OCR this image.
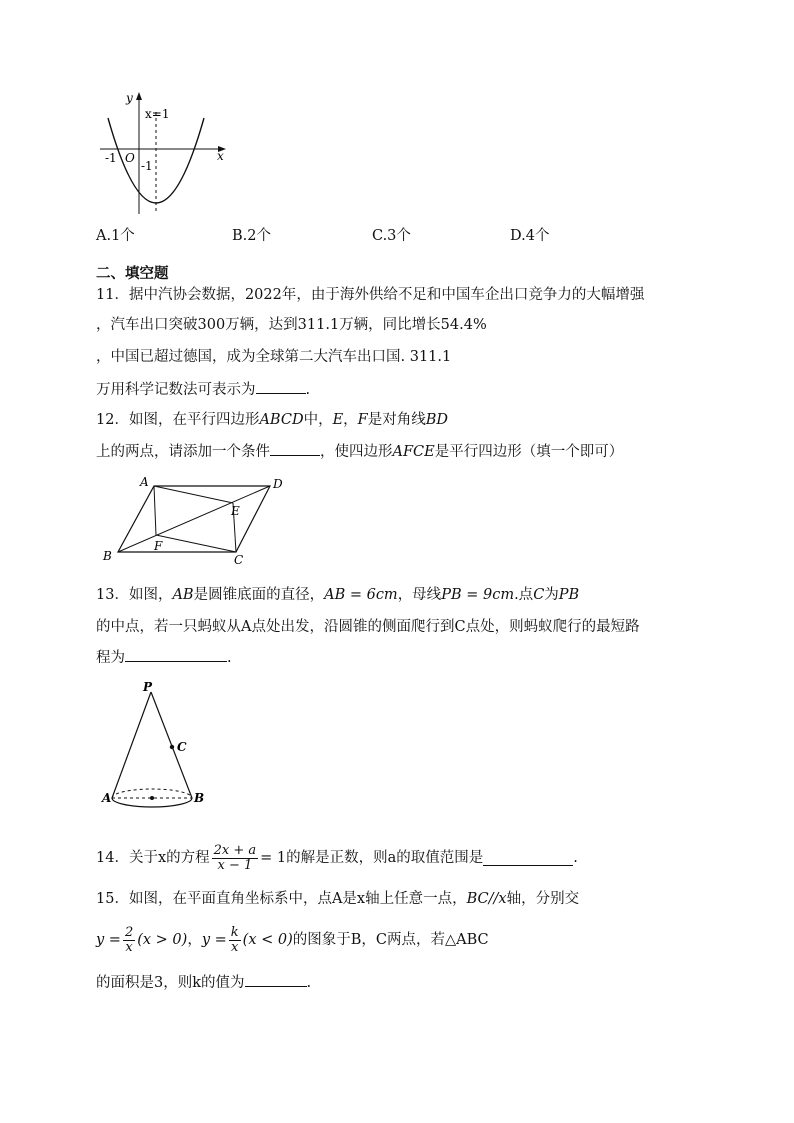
y
x
O
-1
-1
x=1
A.1个	B.2个	C.3个	D.4个
二、填空题
11．据中汽协会数据，2022年，由于海外供给不足和中国车企出口竞争力的大幅增强
，汽车出口突破300万辆，达到311.1万辆，同比增长54.4%
，中国已超过德国，成为全球第二大汽车出口国. 311.1
万用科学记数法可表示为	.
12．如图，在平行四边形ABCD中，E，F是对角线BD
上的两点，请添加一个条件	，使四边形AFCE是平行四边形（填一个即可）
A	D
B	C
E
F
13．如图，AB是圆锥底面的直径，AB = 6cm，母线PB = 9cm.点C为PB
的中点，若一只蚂蚁从A点处出发，沿圆锥的侧面爬行到C点处，则蚂蚁爬行的最短路
程为	.
P
C
A	B
14．关于x的方程 $\frac{2x + a}{x - 1} = 1$ 的解是正数，则a的取值范围是	.
15．如图，在平面直角坐标系中，点A是x轴上任意一点，BC//x轴，分别交
$y = \frac{2}{x} (x > 0)$ ， $y = \frac{k}{x} (x < 0)$ 的图象于B，C两点，若△ABC
的面积是3，则k的值为	.
